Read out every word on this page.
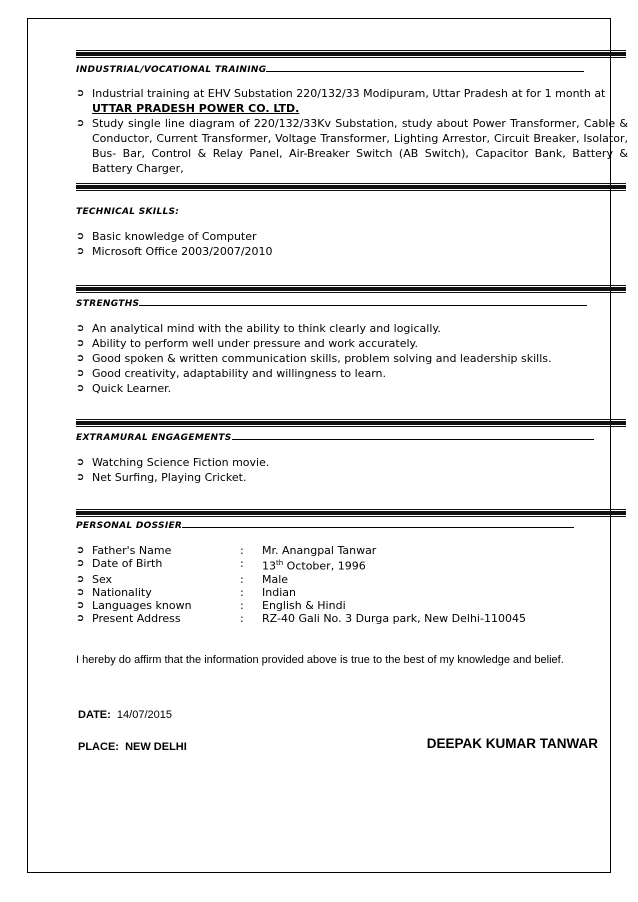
INDUSTRIAL/VOCATIONAL TRAINING
➲ Industrial training at EHV Substation 220/132/33 Modipuram, Uttar Pradesh at for 1 month at
UTTAR PRADESH POWER CO. LTD.
➲ Study single line diagram of 220/132/33Kv Substation, study about Power Transformer, Cable & Conductor, Current Transformer, Voltage Transformer, Lighting Arrestor, Circuit Breaker, Isolator, Bus- Bar, Control & Relay Panel, Air-Breaker Switch (AB Switch), Capacitor Bank, Battery & Battery Charger,
TECHNICAL SKILLS:
➲ Basic knowledge of Computer
➲ Microsoft Office 2003/2007/2010
STRENGTHS
➲ An analytical mind with the ability to think clearly and logically.
➲ Ability to perform well under pressure and work accurately.
➲ Good spoken & written communication skills, problem solving and leadership skills.
➲ Good creativity, adaptability and willingness to learn.
➲ Quick Learner.
EXTRAMURAL ENGAGEMENTS
➲ Watching Science Fiction movie.
➲ Net Surfing, Playing Cricket.
PERSONAL DOSSIER
➲ Father's Name	:	Mr. Anangpal Tanwar

➲ Date of Birth	:	13th October, 1996

➲ Sex	:	Male

➲ Nationality	:	Indian

➲ Languages known	:	English & Hindi

➲ Present Address	:	RZ-40 Gali No. 3 Durga park, New Delhi-110045
I hereby do affirm that the information provided above is true to the best of my knowledge and belief.
DATE: 14/07/2015
PLACE: NEW DELHI	DEEPAK KUMAR TANWAR
